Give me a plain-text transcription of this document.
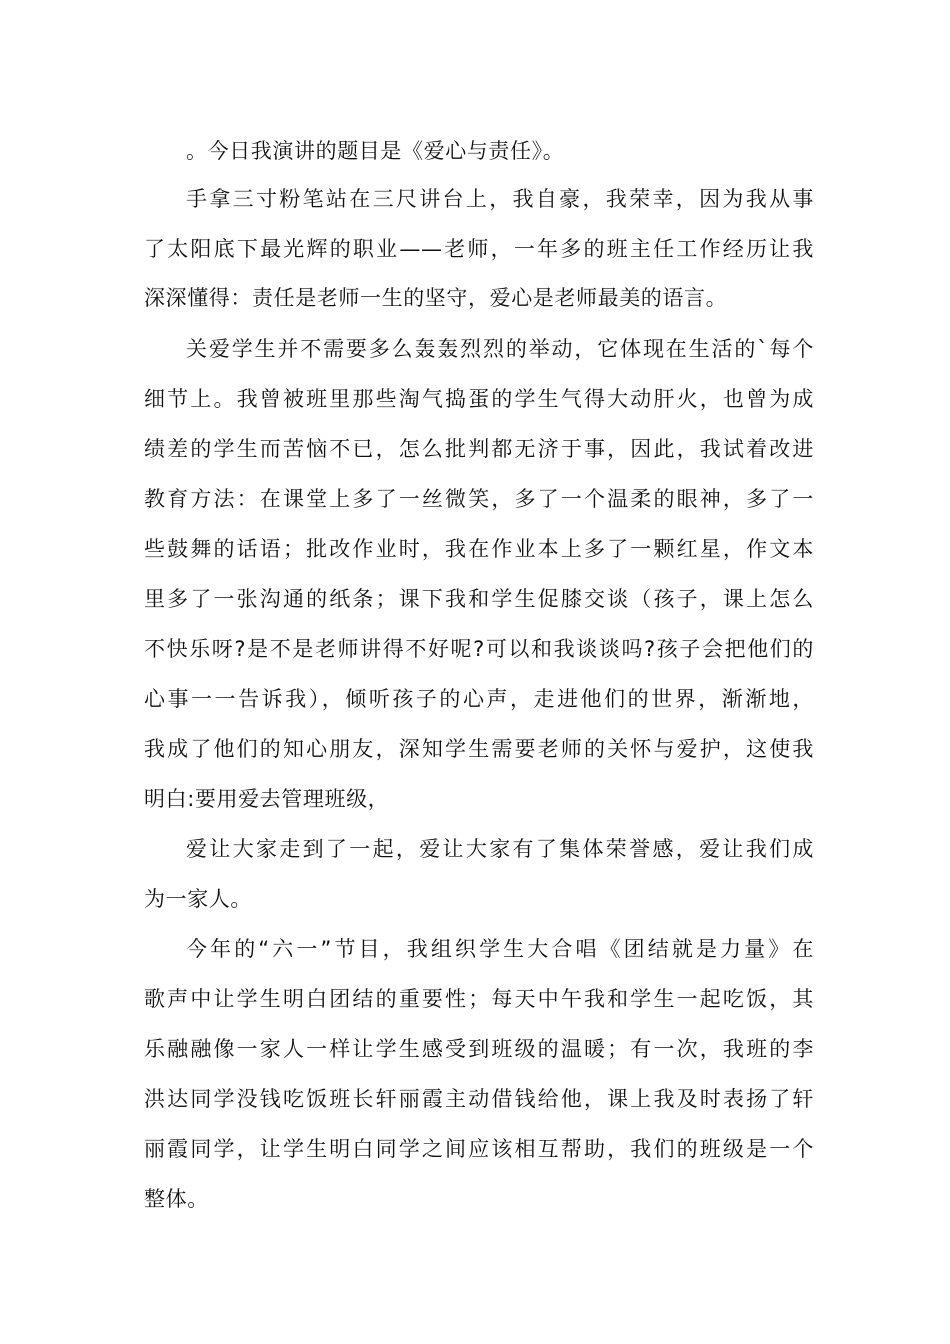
。今日我演讲的题目是《爱心与责任》。
手拿三寸粉笔站在三尺讲台上，我自豪，我荣幸，因为我从事
了太阳底下最光辉的职业——老师，一年多的班主任工作经历让我
深深懂得：责任是老师一生的坚守，爱心是老师最美的语言。
关爱学生并不需要多么轰轰烈烈的举动，它体现在生活的`每个
细节上。我曾被班里那些淘气捣蛋的学生气得大动肝火，也曾为成
绩差的学生而苦恼不已，怎么批判都无济于事，因此，我试着改进
教育方法：在课堂上多了一丝微笑，多了一个温柔的眼神，多了一
些鼓舞的话语；批改作业时，我在作业本上多了一颗红星，作文本
里多了一张沟通的纸条；课下我和学生促膝交谈（孩子，课上怎么
不快乐呀?是不是老师讲得不好呢?可以和我谈谈吗?孩子会把他们的
心事一一告诉我），倾听孩子的心声，走进他们的世界，渐渐地，
我成了他们的知心朋友，深知学生需要老师的关怀与爱护，这使我
明白:要用爱去管理班级，
爱让大家走到了一起，爱让大家有了集体荣誉感，爱让我们成
为一家人。
今年的“六一”节目，我组织学生大合唱《团结就是力量》在
歌声中让学生明白团结的重要性；每天中午我和学生一起吃饭，其
乐融融像一家人一样让学生感受到班级的温暖；有一次，我班的李
洪达同学没钱吃饭班长轩丽霞主动借钱给他，课上我及时表扬了轩
丽霞同学，让学生明白同学之间应该相互帮助，我们的班级是一个
整体。
